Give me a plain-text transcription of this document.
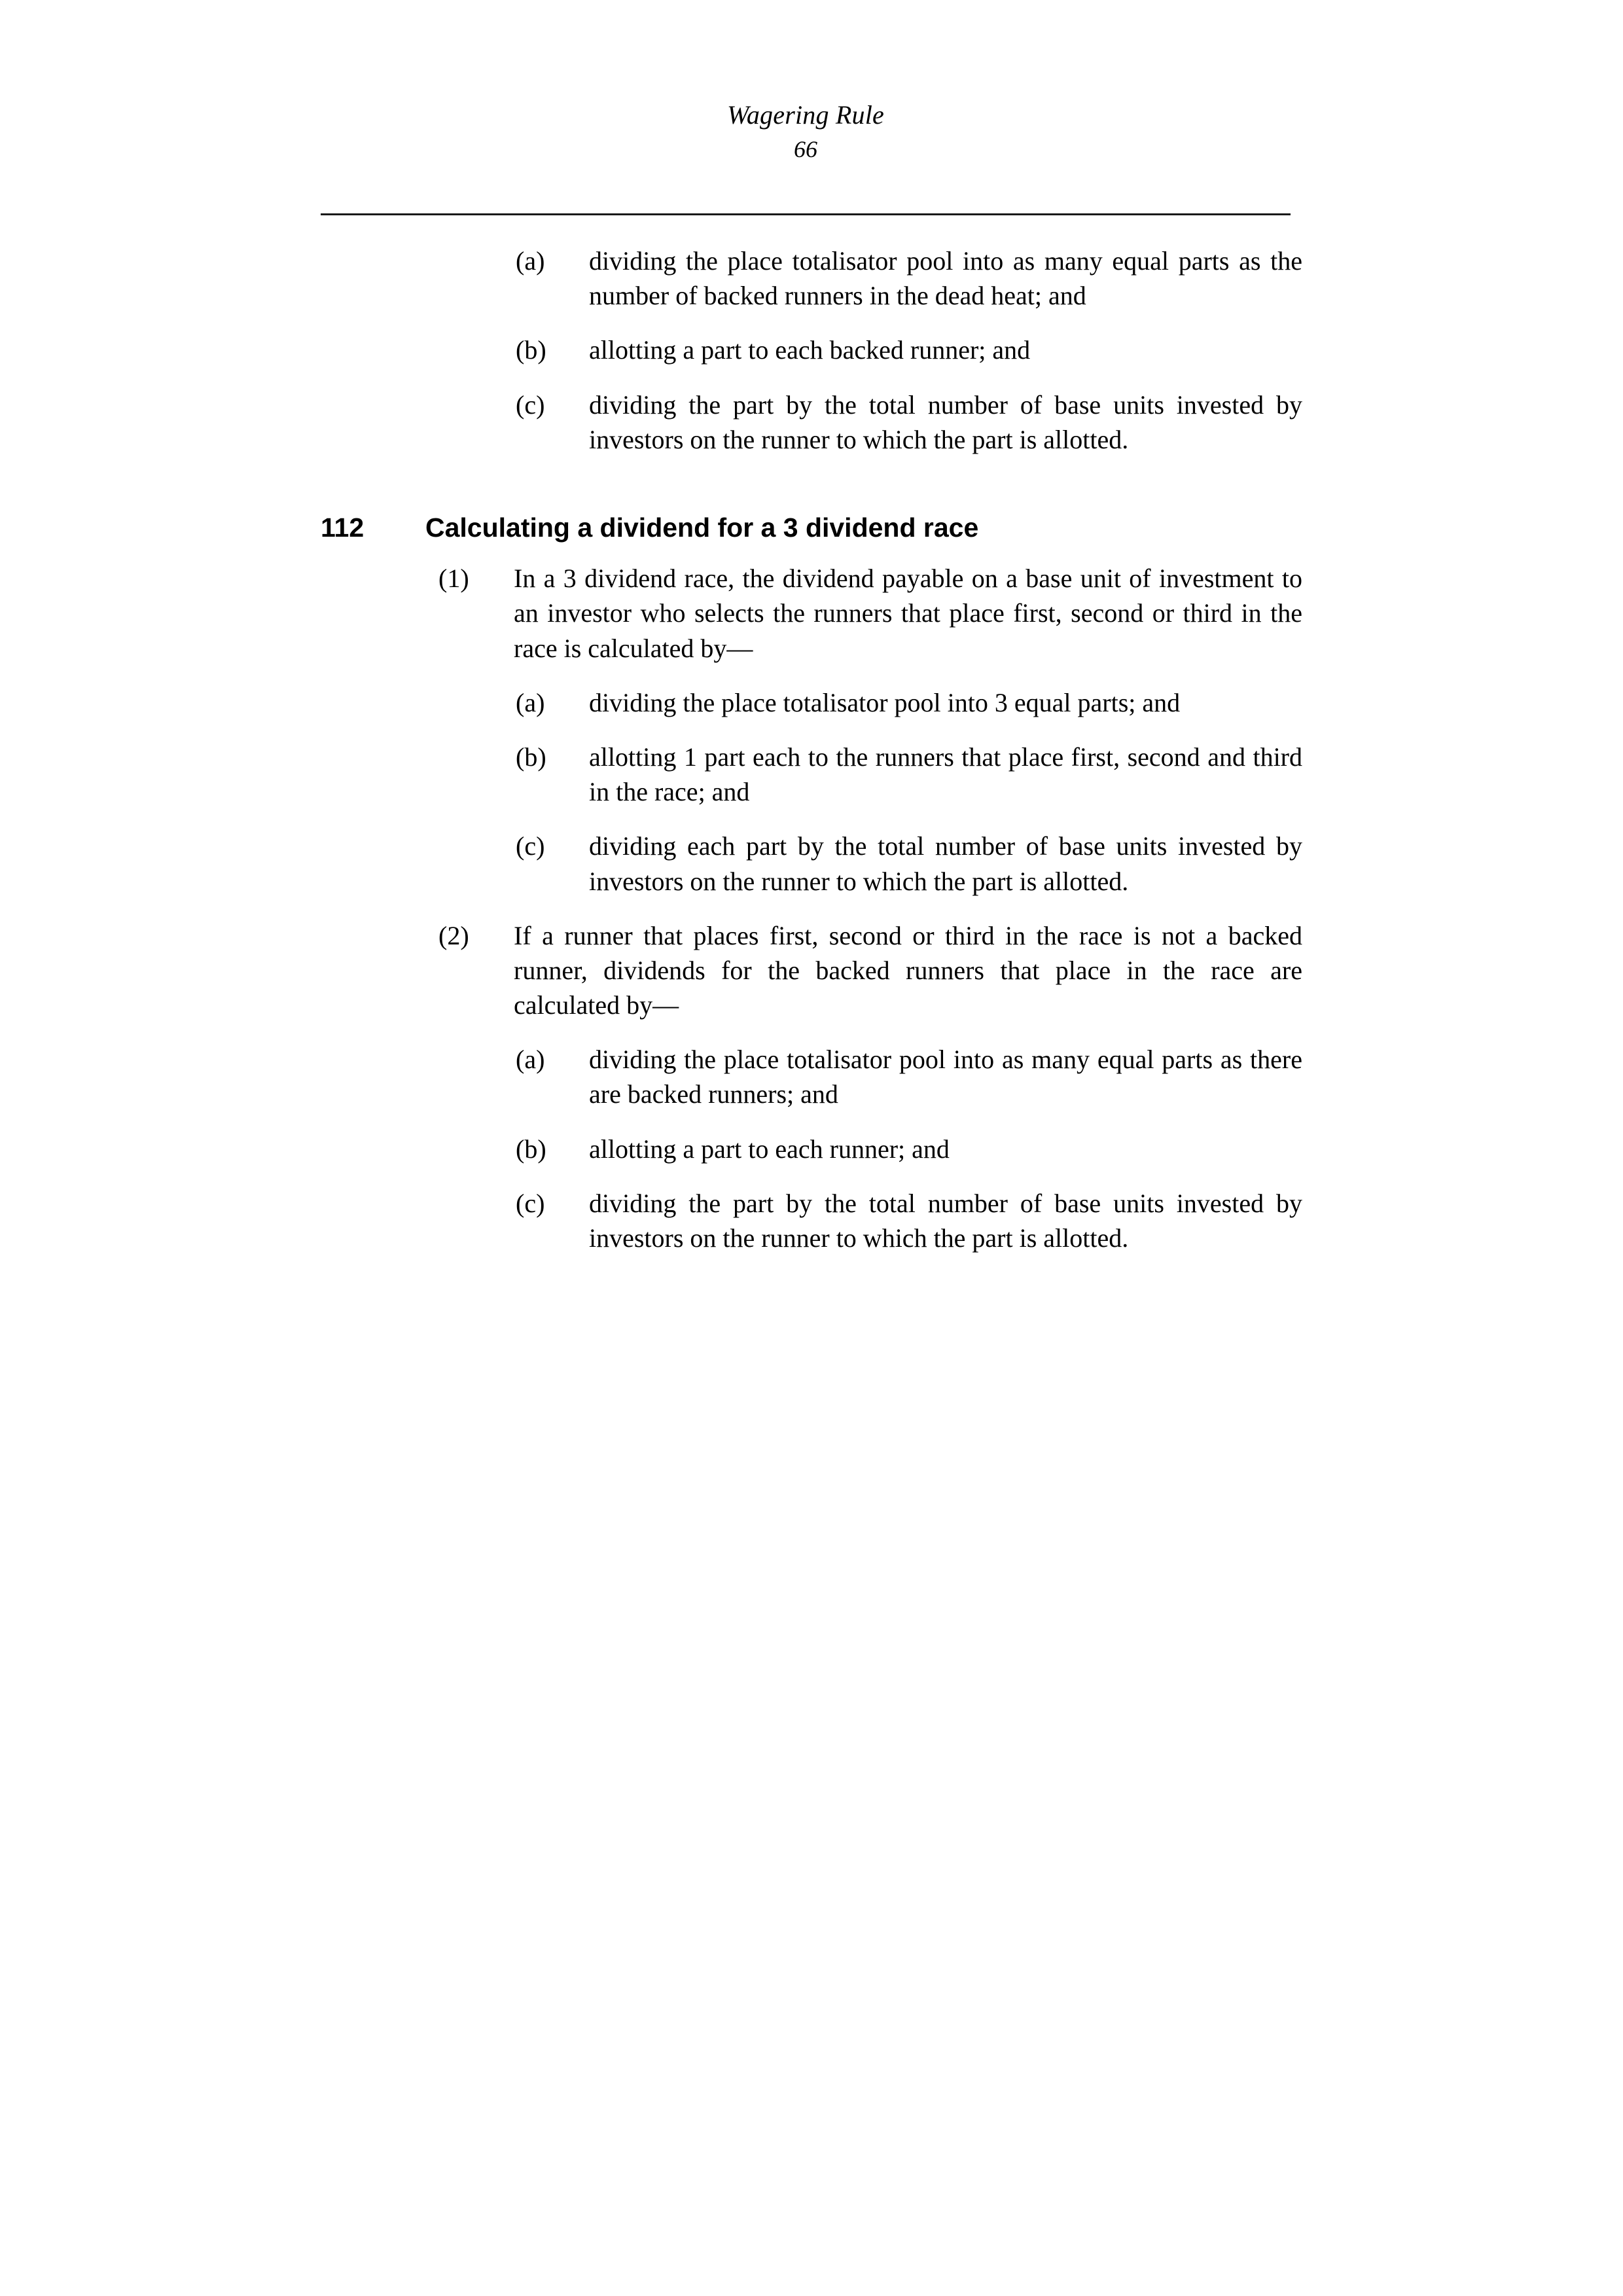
Wagering Rule
66
(a) dividing the place totalisator pool into as many equal parts as the number of backed runners in the dead heat; and
(b) allotting a part to each backed runner; and
(c) dividing the part by the total number of base units invested by investors on the runner to which the part is allotted.
112 Calculating a dividend for a 3 dividend race
(1) In a 3 dividend race, the dividend payable on a base unit of investment to an investor who selects the runners that place first, second or third in the race is calculated by—
(a) dividing the place totalisator pool into 3 equal parts; and
(b) allotting 1 part each to the runners that place first, second and third in the race; and
(c) dividing each part by the total number of base units invested by investors on the runner to which the part is allotted.
(2) If a runner that places first, second or third in the race is not a backed runner, dividends for the backed runners that place in the race are calculated by—
(a) dividing the place totalisator pool into as many equal parts as there are backed runners; and
(b) allotting a part to each runner; and
(c) dividing the part by the total number of base units invested by investors on the runner to which the part is allotted.
